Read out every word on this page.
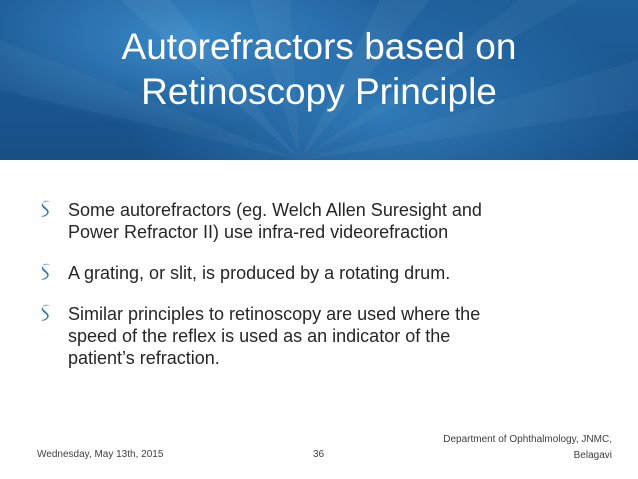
Autorefractors based on
Retinoscopy Principle
Some autorefractors (eg. Welch Allen Suresight and
Power Refractor II) use infra-red videorefraction
A grating, or slit, is produced by a rotating drum.
Similar principles to retinoscopy are used where the
speed of the reflex is used as an indicator of the
patient’s refraction.
Wednesday, May 13th, 2015	36
Department of Ophthalmology, JNMC,
Belagavi
